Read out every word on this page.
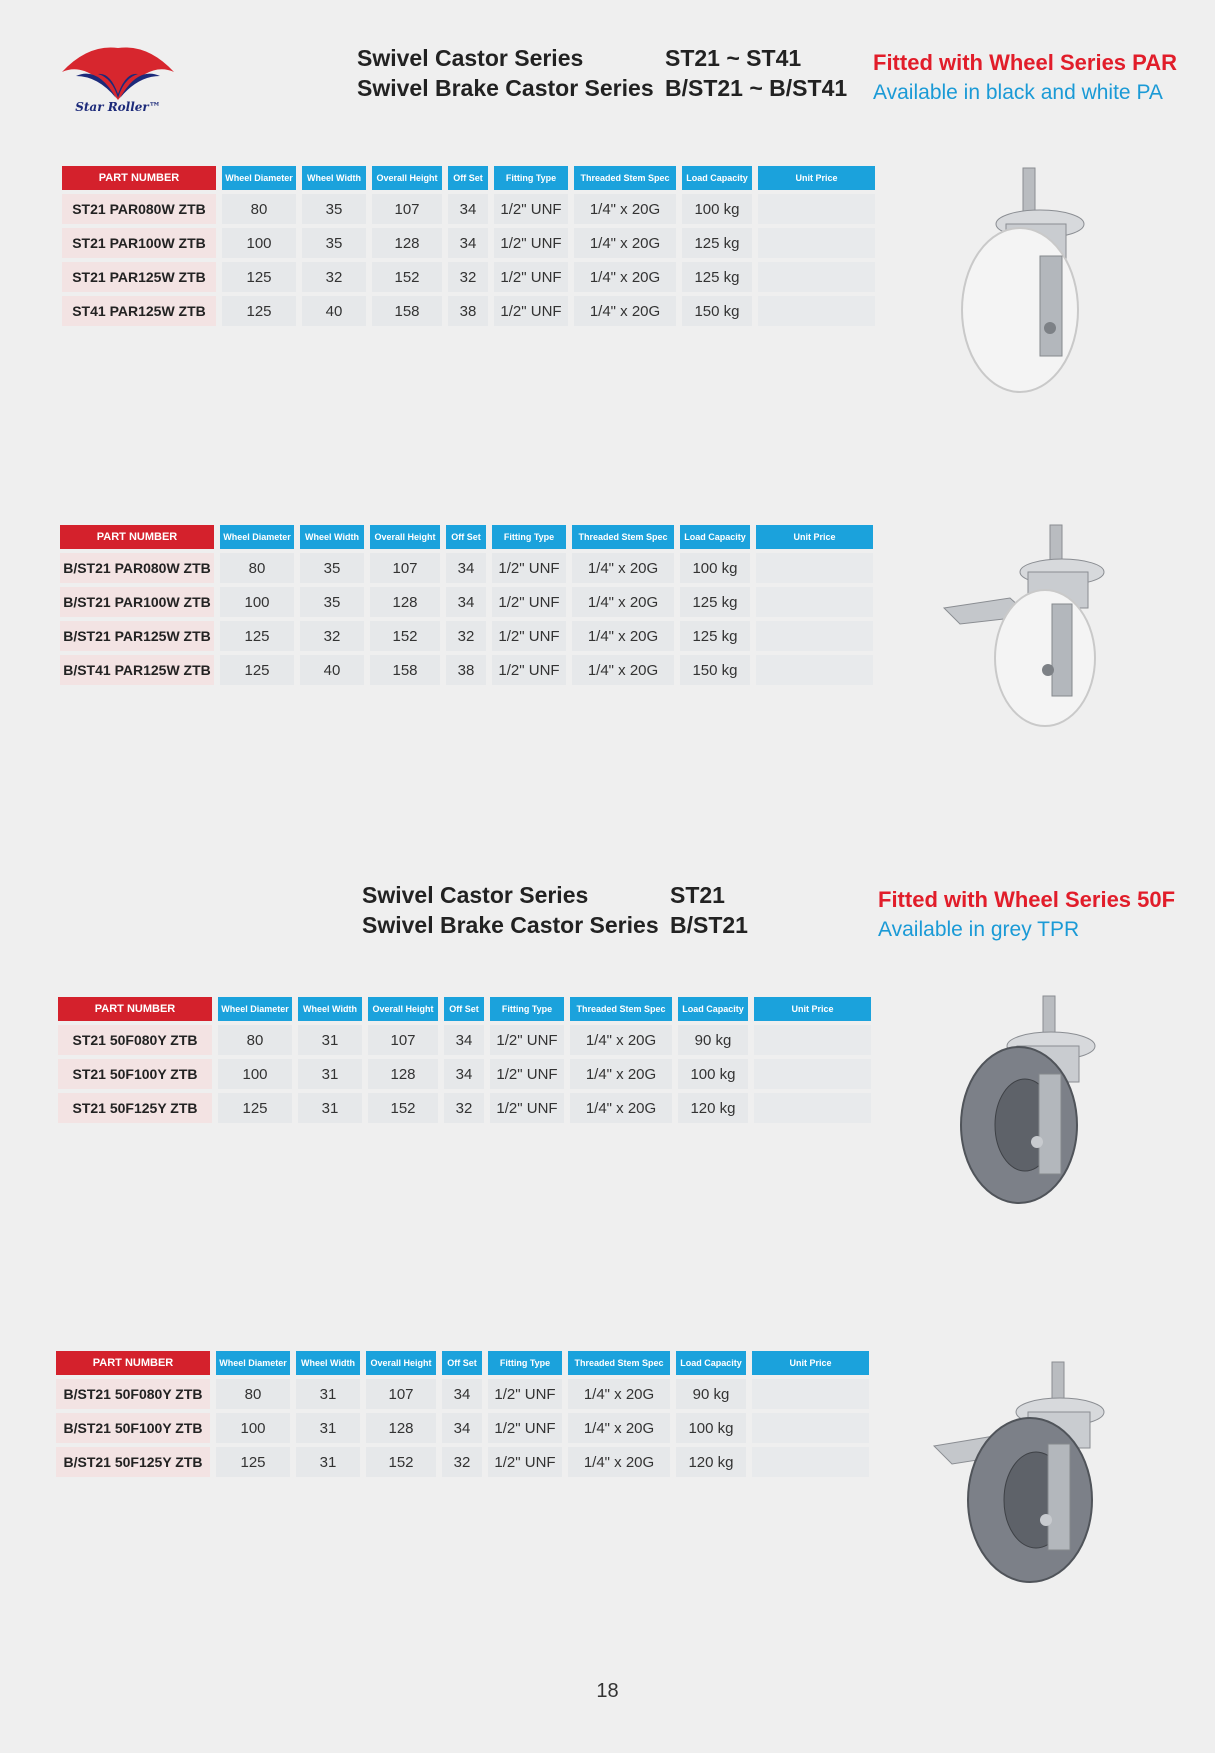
Star Roller™
Swivel Castor Series
Swivel Brake Castor Series
ST21 ~ ST41
B/ST21 ~ B/ST41
Fitted with Wheel Series PAR
Available in black and white PA
Swivel Castor Series
Swivel Brake Castor Series
ST21
B/ST21
Fitted with Wheel Series 50F
Available in grey TPR
PART NUMBER	Wheel Diameter	Wheel Width	Overall Height	Off Set	Fitting Type	Threaded Stem Spec	Load Capacity	Unit Price
ST21 PAR080W ZTB	80	35	107	34	1/2" UNF	1/4" x 20G	100 kg	
ST21 PAR100W ZTB	100	35	128	34	1/2" UNF	1/4" x 20G	125 kg	
ST21 PAR125W ZTB	125	32	152	32	1/2" UNF	1/4" x 20G	125 kg	
ST41 PAR125W ZTB	125	40	158	38	1/2" UNF	1/4" x 20G	150 kg	
PART NUMBER	Wheel Diameter	Wheel Width	Overall Height	Off Set	Fitting Type	Threaded Stem Spec	Load Capacity	Unit Price
B/ST21 PAR080W ZTB	80	35	107	34	1/2" UNF	1/4" x 20G	100 kg	
B/ST21 PAR100W ZTB	100	35	128	34	1/2" UNF	1/4" x 20G	125 kg	
B/ST21 PAR125W ZTB	125	32	152	32	1/2" UNF	1/4" x 20G	125 kg	
B/ST41 PAR125W ZTB	125	40	158	38	1/2" UNF	1/4" x 20G	150 kg	
PART NUMBER	Wheel Diameter	Wheel Width	Overall Height	Off Set	Fitting Type	Threaded Stem Spec	Load Capacity	Unit Price
ST21 50F080Y ZTB	80	31	107	34	1/2" UNF	1/4" x 20G	90 kg	
ST21 50F100Y ZTB	100	31	128	34	1/2" UNF	1/4" x 20G	100 kg	
ST21 50F125Y ZTB	125	31	152	32	1/2" UNF	1/4" x 20G	120 kg	
PART NUMBER	Wheel Diameter	Wheel Width	Overall Height	Off Set	Fitting Type	Threaded Stem Spec	Load Capacity	Unit Price
B/ST21 50F080Y ZTB	80	31	107	34	1/2" UNF	1/4" x 20G	90 kg	
B/ST21 50F100Y ZTB	100	31	128	34	1/2" UNF	1/4" x 20G	100 kg	
B/ST21 50F125Y ZTB	125	31	152	32	1/2" UNF	1/4" x 20G	120 kg	
18
